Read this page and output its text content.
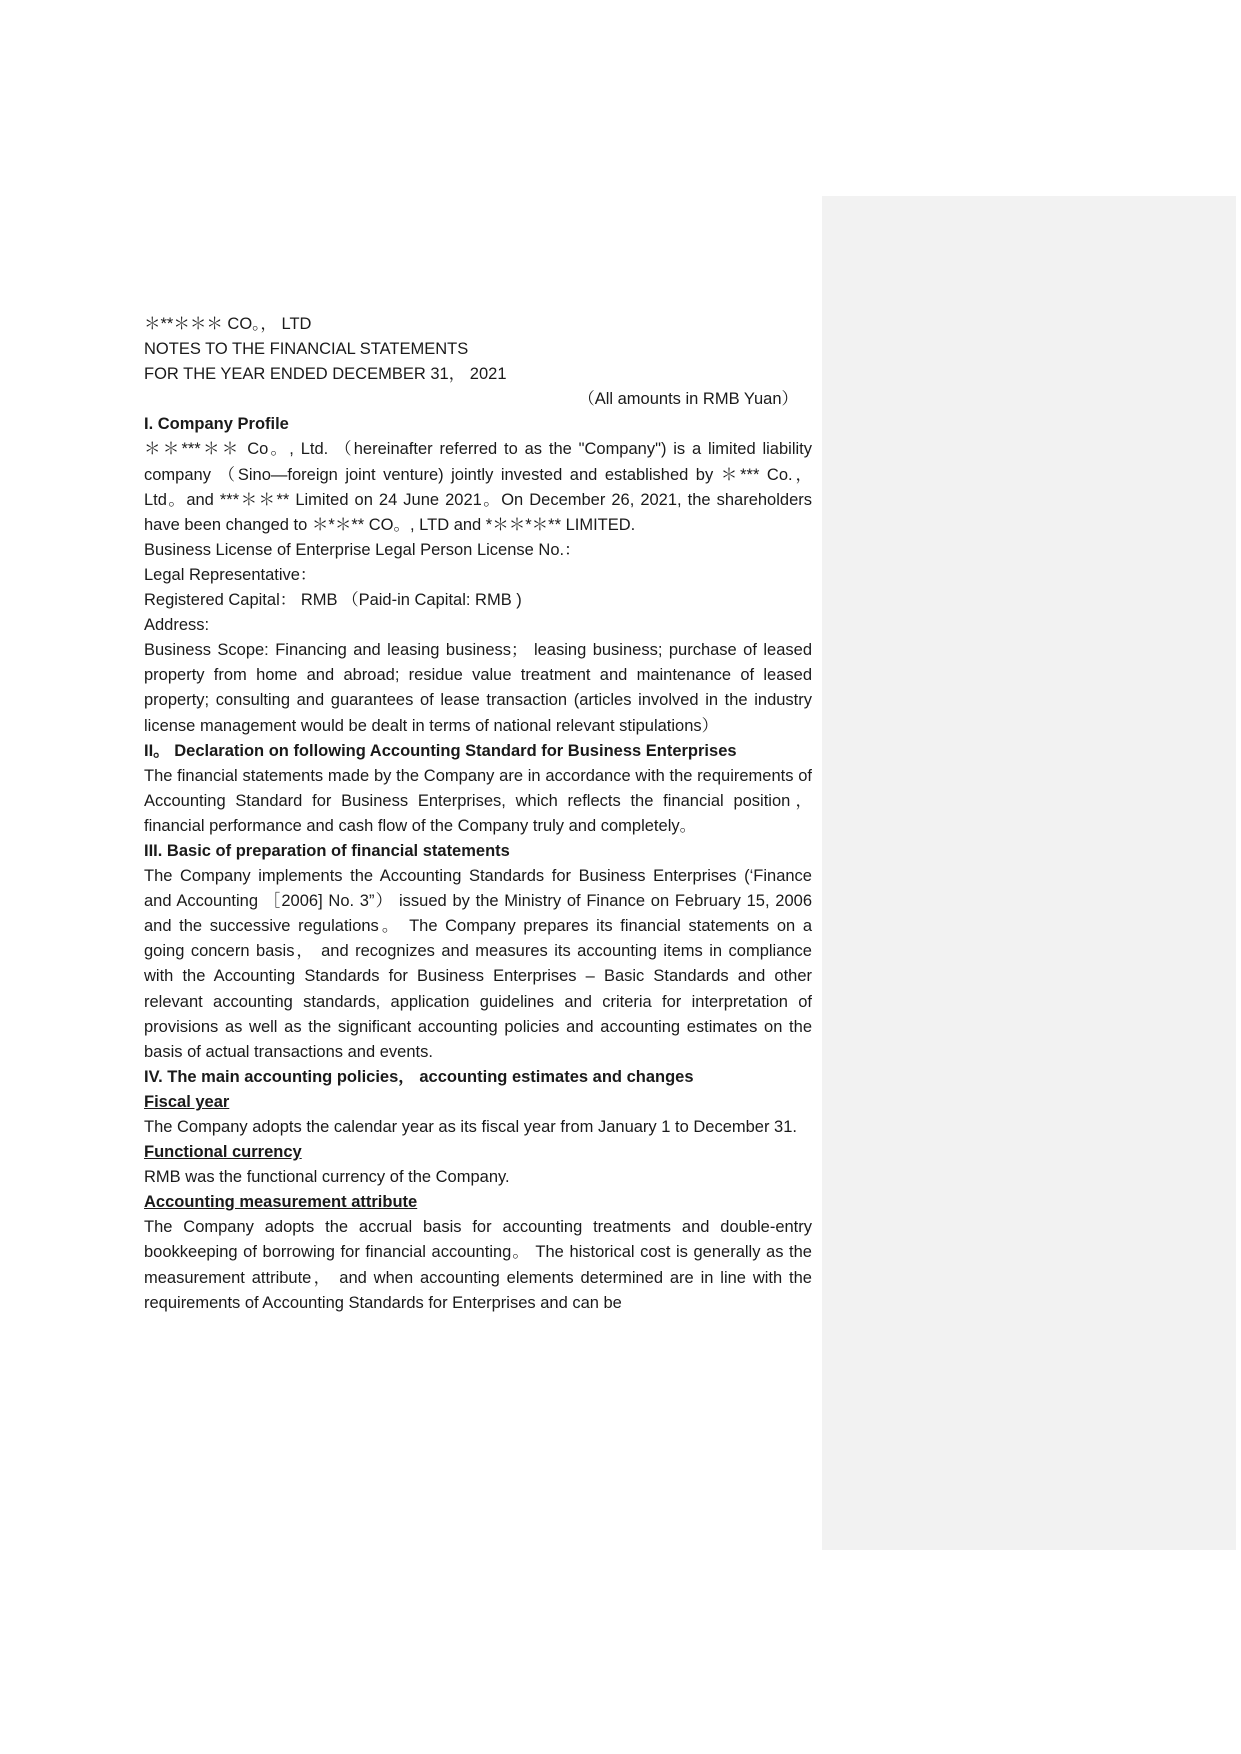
＊**＊＊＊ CO。， LTD

NOTES TO THE FINANCIAL STATEMENTS

FOR THE YEAR ENDED DECEMBER 31， 2021

（All amounts in RMB Yuan）

I. Company Profile

＊＊***＊＊ Co。, Ltd. （hereinafter referred to as the "Company") is a limited liability company （Sino—foreign joint venture) jointly invested and established by ＊*** Co.， Ltd。and ***＊＊** Limited on 24 June 2021。On December 26, 2021, the shareholders have been changed to ＊*＊** CO。, LTD and *＊＊*＊** LIMITED.

Business License of Enterprise Legal Person License No.：

Legal Representative：

Registered Capital： RMB （Paid-in Capital: RMB )

Address:

Business Scope: Financing and leasing business； leasing business; purchase of leased property from home and abroad; residue value treatment and maintenance of leased property; consulting and guarantees of lease transaction (articles involved in the industry license management would be dealt in terms of national relevant stipulations）

II。 Declaration on following Accounting Standard for Business Enterprises

The financial statements made by the Company are in accordance with the requirements of Accounting Standard for Business Enterprises, which reflects the financial position， financial performance and cash flow of the Company truly and completely。

III. Basic of preparation of financial statements

The Company implements the Accounting Standards for Business Enterprises (‘Finance and Accounting ［2006] No. 3”） issued by the Ministry of Finance on February 15, 2006 and the successive regulations。 The Company prepares its financial statements on a going concern basis， and recognizes and measures its accounting items in compliance with the Accounting Standards for Business Enterprises – Basic Standards and other relevant accounting standards, application guidelines and criteria for interpretation of provisions as well as the significant accounting policies and accounting estimates on the basis of actual transactions and events.

IV. The main accounting policies， accounting estimates and changes

Fiscal year

The Company adopts the calendar year as its fiscal year from January 1 to December 31.

Functional currency

RMB was the functional currency of the Company.

Accounting measurement attribute

The Company adopts the accrual basis for accounting treatments and double-entry bookkeeping of borrowing for financial accounting。 The historical cost is generally as the measurement attribute， and when accounting elements determined are in line with the requirements of Accounting Standards for Enterprises and can be
